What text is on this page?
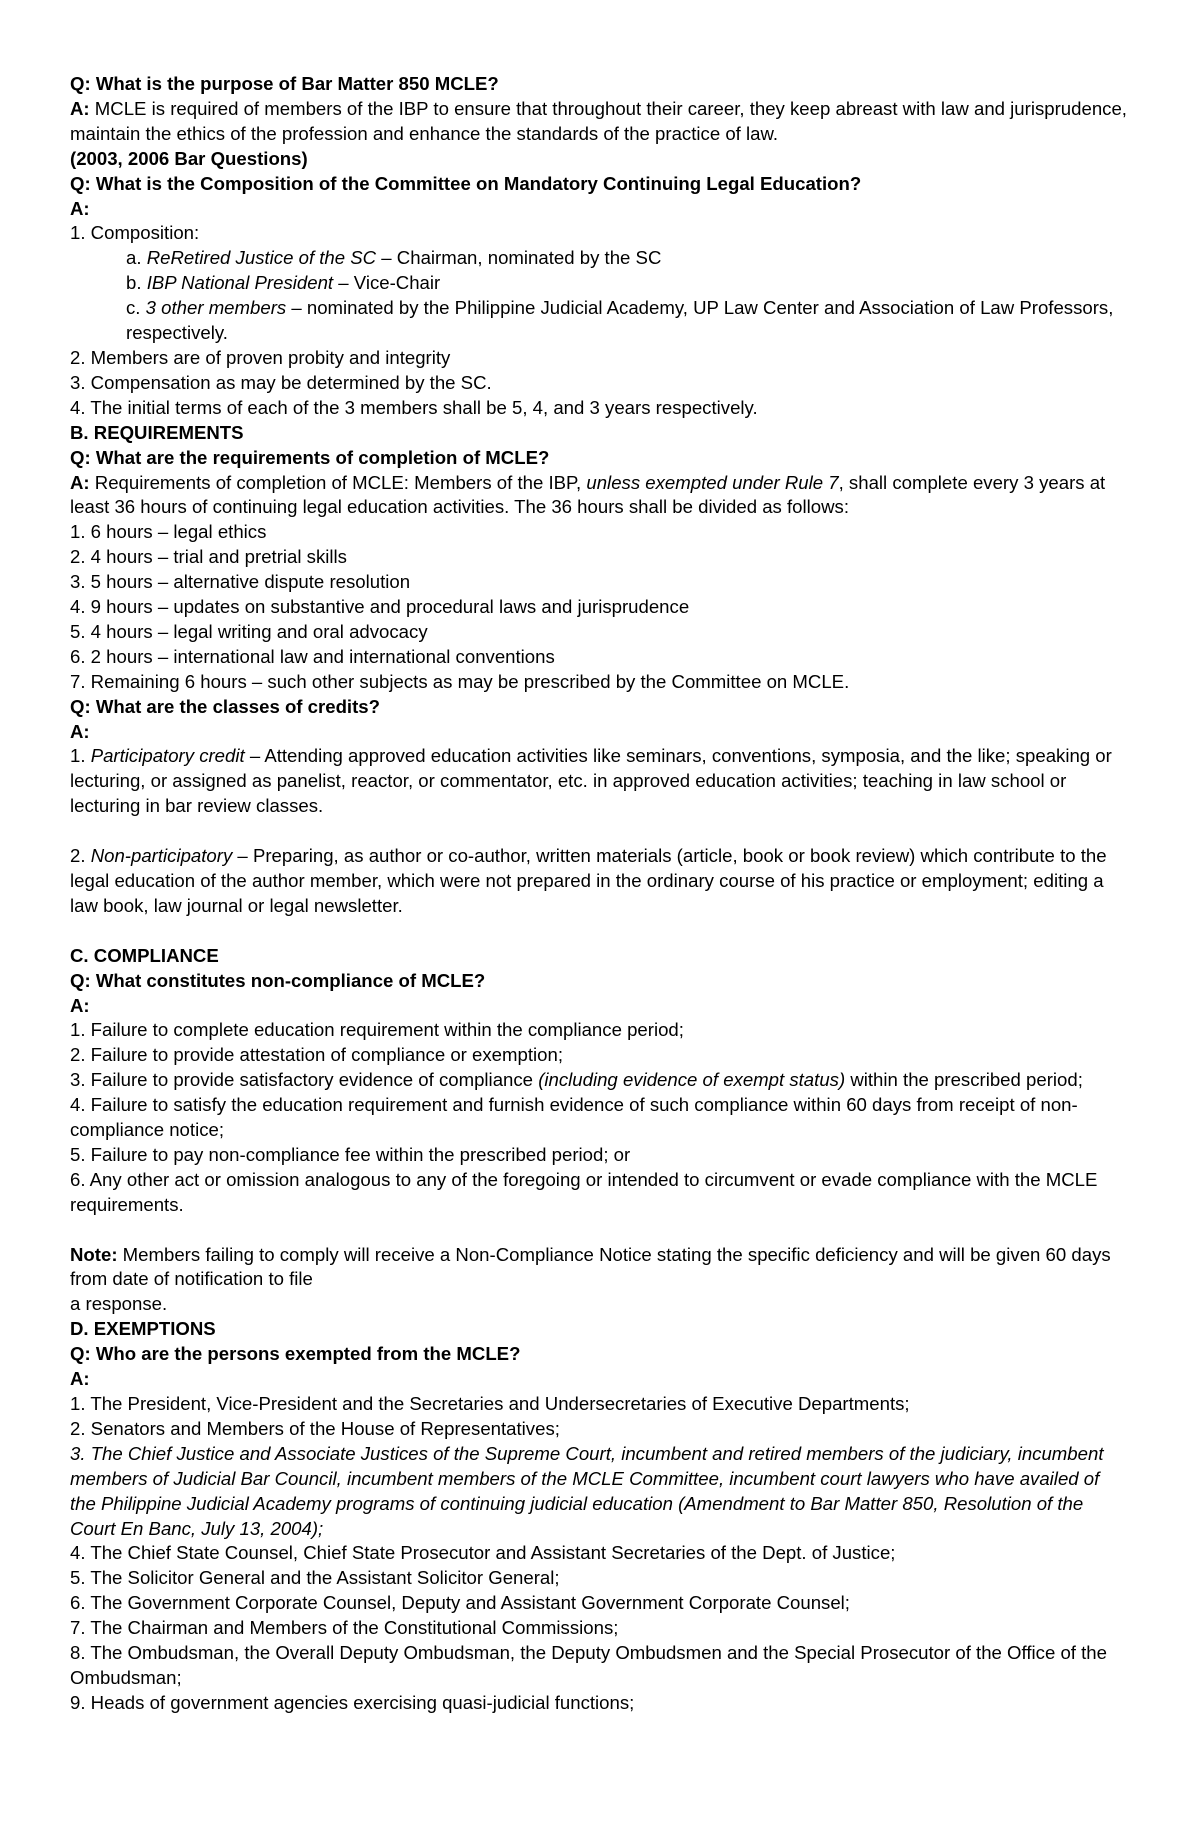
Q: What is the purpose of Bar Matter 850 MCLE?

A: MCLE is required of members of the IBP to ensure that throughout their career, they keep abreast with law and jurisprudence, maintain the ethics of the profession and enhance the standards of the practice of law.

(2003, 2006 Bar Questions)

Q: What is the Composition of the Committee on Mandatory Continuing Legal Education?

A:

1. Composition:

a. ReRetired Justice of the SC – Chairman, nominated by the SC

b. IBP National President – Vice-Chair

c. 3 other members – nominated by the Philippine Judicial Academy, UP Law Center and Association of Law Professors, respectively.

2. Members are of proven probity and integrity

3. Compensation as may be determined by the SC.

4. The initial terms of each of the 3 members shall be 5, 4, and 3 years respectively.

B. REQUIREMENTS

Q: What are the requirements of completion of MCLE?

A: Requirements of completion of MCLE: Members of the IBP, unless exempted under Rule 7, shall complete every 3 years at least 36 hours of continuing legal education activities. The 36 hours shall be divided as follows:

1. 6 hours – legal ethics

2. 4 hours – trial and pretrial skills

3. 5 hours – alternative dispute resolution

4. 9 hours – updates on substantive and procedural laws and jurisprudence

5. 4 hours – legal writing and oral advocacy

6. 2 hours – international law and international conventions

7. Remaining 6 hours – such other subjects as may be prescribed by the Committee on MCLE.

Q: What are the classes of credits?

A:

1. Participatory credit – Attending approved education activities like seminars, conventions, symposia, and the like; speaking or lecturing, or assigned as panelist, reactor, or commentator, etc. in approved education activities; teaching in law school or lecturing in bar review classes.

2. Non-participatory – Preparing, as author or co-author, written materials (article, book or book review) which contribute to the legal education of the author member, which were not prepared in the ordinary course of his practice or employment; editing a law book, law journal or legal newsletter.

C. COMPLIANCE

Q: What constitutes non-compliance of MCLE?

A:

1. Failure to complete education requirement within the compliance period;

2. Failure to provide attestation of compliance or exemption;

3. Failure to provide satisfactory evidence of compliance (including evidence of exempt status) within the prescribed period;

4. Failure to satisfy the education requirement and furnish evidence of such compliance within 60 days from receipt of non-compliance notice;

5. Failure to pay non-compliance fee within the prescribed period; or

6. Any other act or omission analogous to any of the foregoing or intended to circumvent or evade compliance with the MCLE requirements.

Note: Members failing to comply will receive a Non-Compliance Notice stating the specific deficiency and will be given 60 days from date of notification to file

a response.

D. EXEMPTIONS

Q: Who are the persons exempted from the MCLE?

A:

1. The President, Vice-President and the Secretaries and Undersecretaries of Executive Departments;

2. Senators and Members of the House of Representatives;

3. The Chief Justice and Associate Justices of the Supreme Court, incumbent and retired members of the judiciary, incumbent members of Judicial Bar Council, incumbent members of the MCLE Committee, incumbent court lawyers who have availed of the Philippine Judicial Academy programs of continuing judicial education (Amendment to Bar Matter 850, Resolution of the Court En Banc, July 13, 2004);

4. The Chief State Counsel, Chief State Prosecutor and Assistant Secretaries of the Dept. of Justice;

5. The Solicitor General and the Assistant Solicitor General;

6. The Government Corporate Counsel, Deputy and Assistant Government Corporate Counsel;

7. The Chairman and Members of the Constitutional Commissions;

8. The Ombudsman, the Overall Deputy Ombudsman, the Deputy Ombudsmen and the Special Prosecutor of the Office of the Ombudsman;

9. Heads of government agencies exercising quasi-judicial functions;
